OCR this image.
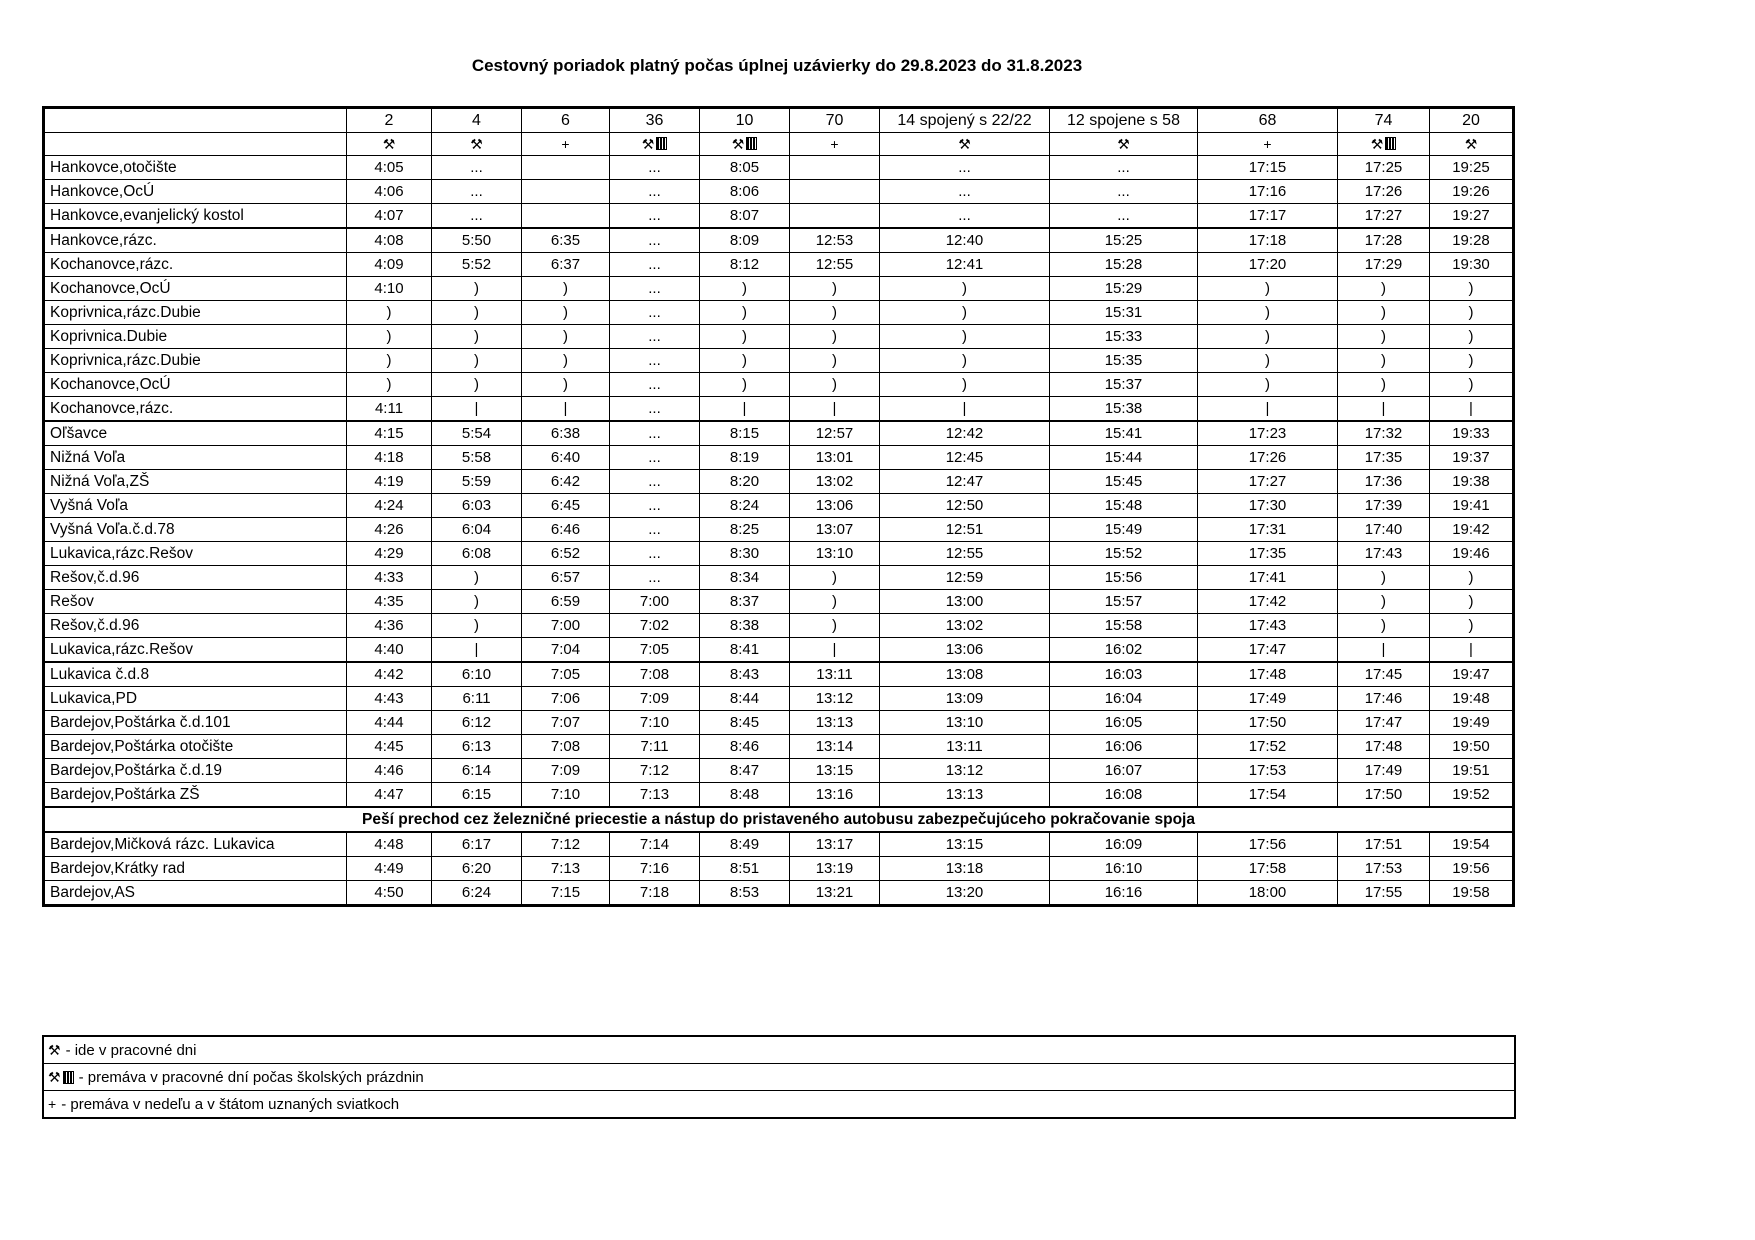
Cestovný poriadok platný počas úplnej uzávierky do 29.8.2023 do 31.8.2023
	2	4	6	36	10	70	14 spojený s 22/22	12 spojene s 58	68	74	20
	⚒	⚒	+	⚒	⚒	+	⚒	⚒	+	⚒	⚒
Hankovce,otočište	4:05	...		...	8:05		...	...	17:15	17:25	19:25
Hankovce,OcÚ	4:06	...		...	8:06		...	...	17:16	17:26	19:26
Hankovce,evanjelický kostol	4:07	...		...	8:07		...	...	17:17	17:27	19:27
Hankovce,rázc.	4:08	5:50	6:35	...	8:09	12:53	12:40	15:25	17:18	17:28	19:28
Kochanovce,rázc.	4:09	5:52	6:37	...	8:12	12:55	12:41	15:28	17:20	17:29	19:30
Kochanovce,OcÚ	4:10	)	)	...	)	)	)	15:29	)	)	)
Koprivnica,rázc.Dubie	)	)	)	...	)	)	)	15:31	)	)	)
Koprivnica.Dubie	)	)	)	...	)	)	)	15:33	)	)	)
Koprivnica,rázc.Dubie	)	)	)	...	)	)	)	15:35	)	)	)
Kochanovce,OcÚ	)	)	)	...	)	)	)	15:37	)	)	)
Kochanovce,rázc.	4:11	|	|	...	|	|	|	15:38	|	|	|
Oľšavce	4:15	5:54	6:38	...	8:15	12:57	12:42	15:41	17:23	17:32	19:33
Nižná Voľa	4:18	5:58	6:40	...	8:19	13:01	12:45	15:44	17:26	17:35	19:37
Nižná Voľa,ZŠ	4:19	5:59	6:42	...	8:20	13:02	12:47	15:45	17:27	17:36	19:38
Vyšná Voľa	4:24	6:03	6:45	...	8:24	13:06	12:50	15:48	17:30	17:39	19:41
Vyšná Voľa.č.d.78	4:26	6:04	6:46	...	8:25	13:07	12:51	15:49	17:31	17:40	19:42
Lukavica,rázc.Rešov	4:29	6:08	6:52	...	8:30	13:10	12:55	15:52	17:35	17:43	19:46
Rešov,č.d.96	4:33	)	6:57	...	8:34	)	12:59	15:56	17:41	)	)
Rešov	4:35	)	6:59	7:00	8:37	)	13:00	15:57	17:42	)	)
Rešov,č.d.96	4:36	)	7:00	7:02	8:38	)	13:02	15:58	17:43	)	)
Lukavica,rázc.Rešov	4:40	|	7:04	7:05	8:41	|	13:06	16:02	17:47	|	|
Lukavica č.d.8	4:42	6:10	7:05	7:08	8:43	13:11	13:08	16:03	17:48	17:45	19:47
Lukavica,PD	4:43	6:11	7:06	7:09	8:44	13:12	13:09	16:04	17:49	17:46	19:48
Bardejov,Poštárka č.d.101	4:44	6:12	7:07	7:10	8:45	13:13	13:10	16:05	17:50	17:47	19:49
Bardejov,Poštárka otočište	4:45	6:13	7:08	7:11	8:46	13:14	13:11	16:06	17:52	17:48	19:50
Bardejov,Poštárka č.d.19	4:46	6:14	7:09	7:12	8:47	13:15	13:12	16:07	17:53	17:49	19:51
Bardejov,Poštárka ZŠ	4:47	6:15	7:10	7:13	8:48	13:16	13:13	16:08	17:54	17:50	19:52
Peší prechod cez železničné priecestie a nástup do pristaveného autobusu zabezpečujúceho pokračovanie spoja											
Bardejov,Mičková rázc. Lukavica	4:48	6:17	7:12	7:14	8:49	13:17	13:15	16:09	17:56	17:51	19:54
Bardejov,Krátky rad	4:49	6:20	7:13	7:16	8:51	13:19	13:18	16:10	17:58	17:53	19:56
Bardejov,AS	4:50	6:24	7:15	7:18	8:53	13:21	13:20	16:16	18:00	17:55	19:58
⚒ - ide v pracovné dni
⚒ - premáva v pracovné dní počas školských prázdnin
+ - premáva v nedeľu a v štátom uznaných sviatkoch
